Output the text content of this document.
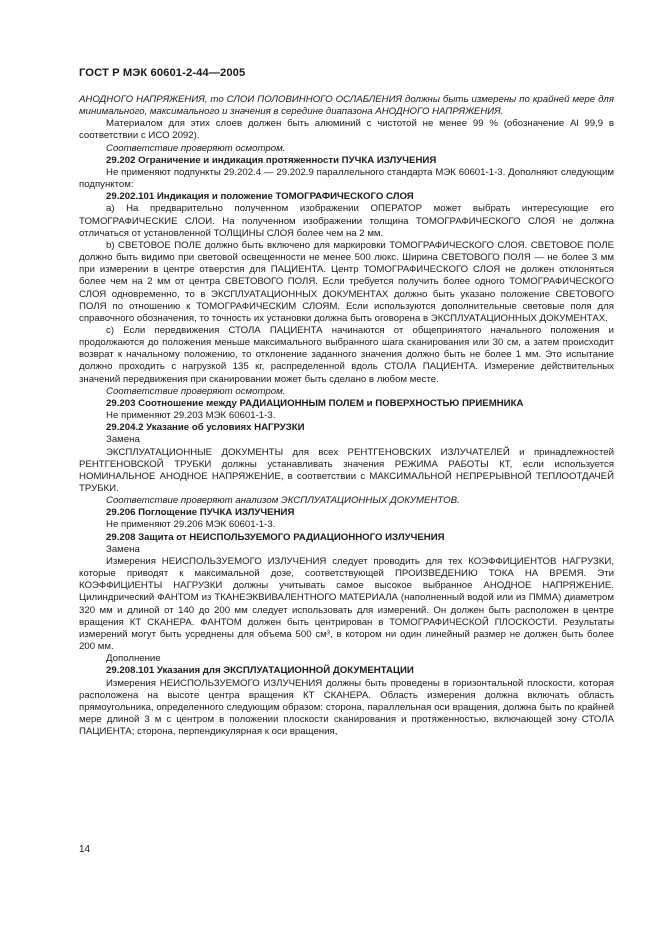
ГОСТ Р МЭК 60601-2-44—2005

АНОДНОГО НАПРЯЖЕНИЯ, то СЛОИ ПОЛОВИННОГО ОСЛАБЛЕНИЯ должны быть измерены по крайней мере для минимального, максимального и значения в середине диапазона АНОДНОГО НАПРЯЖЕНИЯ.

Материалом для этих слоев должен быть алюминий с чистотой не менее 99 % (обозначение Al 99,9 в соответствии с ИСО 2092).

Соответствие проверяют осмотром.

29.202 Ограничение и индикация протяженности ПУЧКА ИЗЛУЧЕНИЯ

Не применяют подпункты 29.202.4 — 29.202.9 параллельного стандарта МЭК 60601-1-3. Дополняют следующим подпунктом:

29.202.101 Индикация и положение ТОМОГРАФИЧЕСКОГО СЛОЯ

a) На предварительно полученном изображении ОПЕРАТОР может выбрать интересующие его ТОМОГРАФИЧЕСКИЕ СЛОИ. На полученном изображении толщина ТОМОГРАФИЧЕСКОГО СЛОЯ не должна отличаться от установленной ТОЛЩИНЫ СЛОЯ более чем на 2 мм.

b) СВЕТОВОЕ ПОЛЕ должно быть включено для маркировки ТОМОГРАФИЧЕСКОГО СЛОЯ. СВЕТОВОЕ ПОЛЕ должно быть видимо при световой освещенности не менее 500 люкс. Ширина СВЕТОВОГО ПОЛЯ — не более 3 мм при измерении в центре отверстия для ПАЦИЕНТА. Центр ТОМОГРАФИЧЕСКОГО СЛОЯ не должен отклоняться более чем на 2 мм от центра СВЕТОВОГО ПОЛЯ. Если требуется получить более одного ТОМОГРАФИЧЕСКОГО СЛОЯ одновременно, то в ЭКСПЛУАТАЦИОННЫХ ДОКУМЕНТАХ должно быть указано положение СВЕТОВОГО ПОЛЯ по отношению к ТОМОГРАФИЧЕСКИМ СЛОЯМ. Если используются дополнительные световые поля для справочного обозначения, то точность их установки должна быть оговорена в ЭКСПЛУАТАЦИОННЫХ ДОКУМЕНТАХ.

c) Если передвижения СТОЛА ПАЦИЕНТА начинаются от общепринятого начального положения и продолжаются до положения меньше максимального выбранного шага сканирования или 30 см, а затем происходит возврат к начальному положению, то отклонение заданного значения должно быть не более 1 мм. Это испытание должно проходить с нагрузкой 135 кг, распределенной вдоль СТОЛА ПАЦИЕНТА. Измерение действительных значений передвижения при сканировании может быть сделано в любом месте.

Соответствие проверяют осмотром.

29.203 Соотношение между РАДИАЦИОННЫМ ПОЛЕМ и ПОВЕРХНОСТЬЮ ПРИЕМНИКА

Не применяют 29.203 МЭК 60601-1-3.

29.204.2 Указание об условиях НАГРУЗКИ

Замена

ЭКСПЛУАТАЦИОННЫЕ ДОКУМЕНТЫ для всех РЕНТГЕНОВСКИХ ИЗЛУЧАТЕЛЕЙ и принадлежностей РЕНТГЕНОВСКОЙ ТРУБКИ должны устанавливать значения РЕЖИМА РАБОТЫ КТ, если используется НОМИНАЛЬНОЕ АНОДНОЕ НАПРЯЖЕНИЕ, в соответствии с МАКСИМАЛЬНОЙ НЕПРЕРЫВНОЙ ТЕПЛООТДАЧЕЙ ТРУБКИ.

Соответствие проверяют анализом ЭКСПЛУАТАЦИОННЫХ ДОКУМЕНТОВ.

29.206 Поглощение ПУЧКА ИЗЛУЧЕНИЯ

Не применяют 29.206 МЭК 60601-1-3.

29.208 Защита от НЕИСПОЛЬЗУЕМОГО РАДИАЦИОННОГО ИЗЛУЧЕНИЯ

Замена

Измерения НЕИСПОЛЬЗУЕМОГО ИЗЛУЧЕНИЯ следует проводить для тех КОЭФФИЦИЕНТОВ НАГРУЗКИ, которые приводят к максимальной дозе, соответствующей ПРОИЗВЕДЕНИЮ ТОКА НА ВРЕМЯ. Эти КОЭФФИЦИЕНТЫ НАГРУЗКИ должны учитывать самое высокое выбранное АНОДНОЕ НАПРЯЖЕНИЕ. Цилиндрический ФАНТОМ из ТКАНЕЭКВИВАЛЕНТНОГО МАТЕРИАЛА (наполненный водой или из ПММА) диаметром 320 мм и длиной от 140 до 200 мм следует использовать для измерений. Он должен быть расположен в центре вращения КТ СКАНЕРА. ФАНТОМ должен быть центрирован в ТОМОГРАФИЧЕСКОЙ ПЛОСКОСТИ. Результаты измерений могут быть усреднены для объема 500 см³, в котором ни один линейный размер не должен быть более 200 мм.

Дополнение

29.208.101 Указания для ЭКСПЛУАТАЦИОННОЙ ДОКУМЕНТАЦИИ

Измерения НЕИСПОЛЬЗУЕМОГО ИЗЛУЧЕНИЯ должны быть проведены в горизонтальной плоскости, которая расположена на высоте центра вращения КТ СКАНЕРА. Область измерения должна включать область прямоугольника, определенного следующим образом: сторона, параллельная оси вращения, должна быть по крайней мере длиной 3 м с центром в положении плоскости сканирования и протяженностью, включающей зону СТОЛА ПАЦИЕНТА; сторона, перпендикулярная к оси вращения,

14
